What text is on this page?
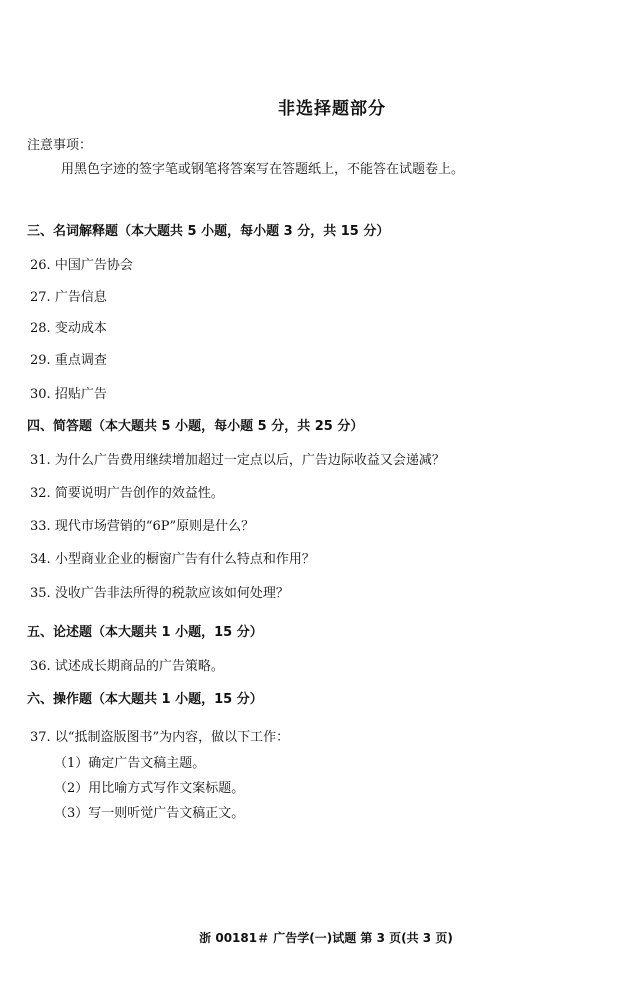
非选择题部分
注意事项：
用黑色字迹的签字笔或钢笔将答案写在答题纸上，不能答在试题卷上。
三、名词解释题（本大题共 5 小题，每小题 3 分，共 15 分）
26. 中国广告协会
27. 广告信息
28. 变动成本
29. 重点调查
30. 招贴广告
四、简答题（本大题共 5 小题，每小题 5 分，共 25 分）
31. 为什么广告费用继续增加超过一定点以后，广告边际收益又会递减？
32. 简要说明广告创作的效益性。
33. 现代市场营销的“6P”原则是什么？
34. 小型商业企业的橱窗广告有什么特点和作用？
35. 没收广告非法所得的税款应该如何处理？
五、论述题（本大题共 1 小题，15 分）
36. 试述成长期商品的广告策略。
六、操作题（本大题共 1 小题，15 分）
37. 以“抵制盗版图书”为内容，做以下工作：
（1）确定广告文稿主题。
（2）用比喻方式写作文案标题。
（3）写一则听觉广告文稿正文。
浙 00181＃ 广告学(一)试题 第 3 页(共 3 页)
